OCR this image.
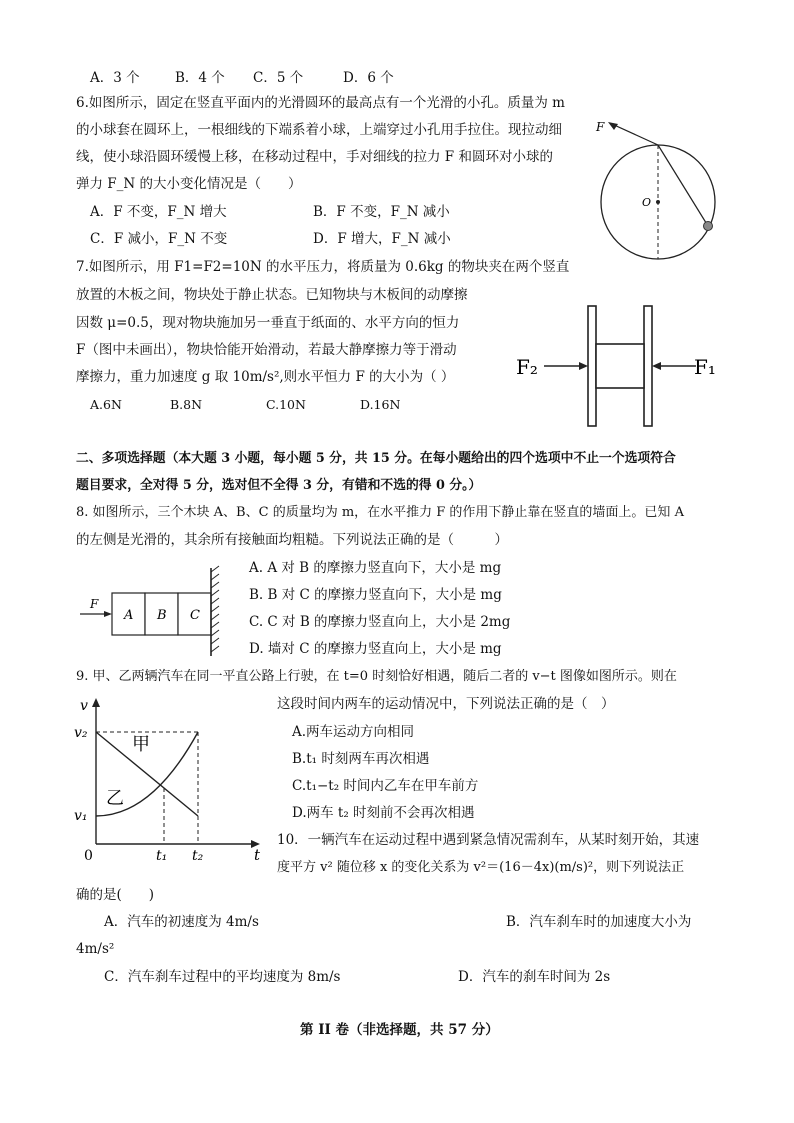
A．3 个	B．4 个 C．5 个	D．6 个
6.如图所示，固定在竖直平面内的光滑圆环的最高点有一个光滑的小孔。质量为 m
的小球套在圆环上，一根细线的下端系着小球，上端穿过小孔用手拉住。现拉动细
线，使小球沿圆环缓慢上移，在移动过程中，手对细线的拉力 F 和圆环对小球的
弹力 F_N 的大小变化情况是（　　）
A．F 不变，F_N 增大	B．F 不变，F_N 减小
C．F 减小，F_N 不变	D．F 增大，F_N 减小
F
O
7.如图所示，用 F1=F2=10N 的水平压力，将质量为 0.6kg 的物块夹在两个竖直
放置的木板之间，物块处于静止状态。已知物块与木板间的动摩擦
因数 μ=0.5，现对物块施加另一垂直于纸面的、水平方向的恒力
F（图中未画出），物块恰能开始滑动，若最大静摩擦力等于滑动
摩擦力，重力加速度 g 取 10m/s²,则水平恒力 F 的大小为（ ）
A.6N	B.8N	C.10N	D.16N
F₂	F₁
二、多项选择题（本大题 3 小题，每小题 5 分，共 15 分。在每小题给出的四个选项中不止一个选项符合
题目要求，全对得 5 分，选对但不全得 3 分，有错和不选的得 0 分。）
8. 如图所示，三个木块 A、B、C 的质量均为 m，在水平推力 F 的作用下静止靠在竖直的墙面上。已知 A
的左侧是光滑的，其余所有接触面均粗糙。下列说法正确的是（　　　）
A. A 对 B 的摩擦力竖直向下，大小是 mg
B. B 对 C 的摩擦力竖直向下，大小是 mg
C. C 对 B 的摩擦力竖直向上，大小是 2mg
D. 墙对 C 的摩擦力竖直向上，大小是 mg
F
A B C
9. 甲、乙两辆汽车在同一平直公路上行驶，在 t=0 时刻恰好相遇，随后二者的 v−t 图像如图所示。则在
这段时间内两车的运动情况中，下列说法正确的是（　）
A.两车运动方向相同
B.t₁ 时刻两车再次相遇
C.t₁−t₂ 时间内乙车在甲车前方
D.两车 t₂ 时刻前不会再次相遇
v
v₂
v₁
甲
乙
0	t₁ t₂	t
10．一辆汽车在运动过程中遇到紧急情况需刹车，从某时刻开始，其速
度平方 v² 随位移 x 的变化关系为 v²＝(16－4x)(m/s)²，则下列说法正
确的是(　　)
A．汽车的初速度为 4m/s	B．汽车刹车时的加速度大小为
4m/s²
C．汽车刹车过程中的平均速度为 8m/s	D．汽车的刹车时间为 2s
第 II 卷（非选择题，共 57 分）
